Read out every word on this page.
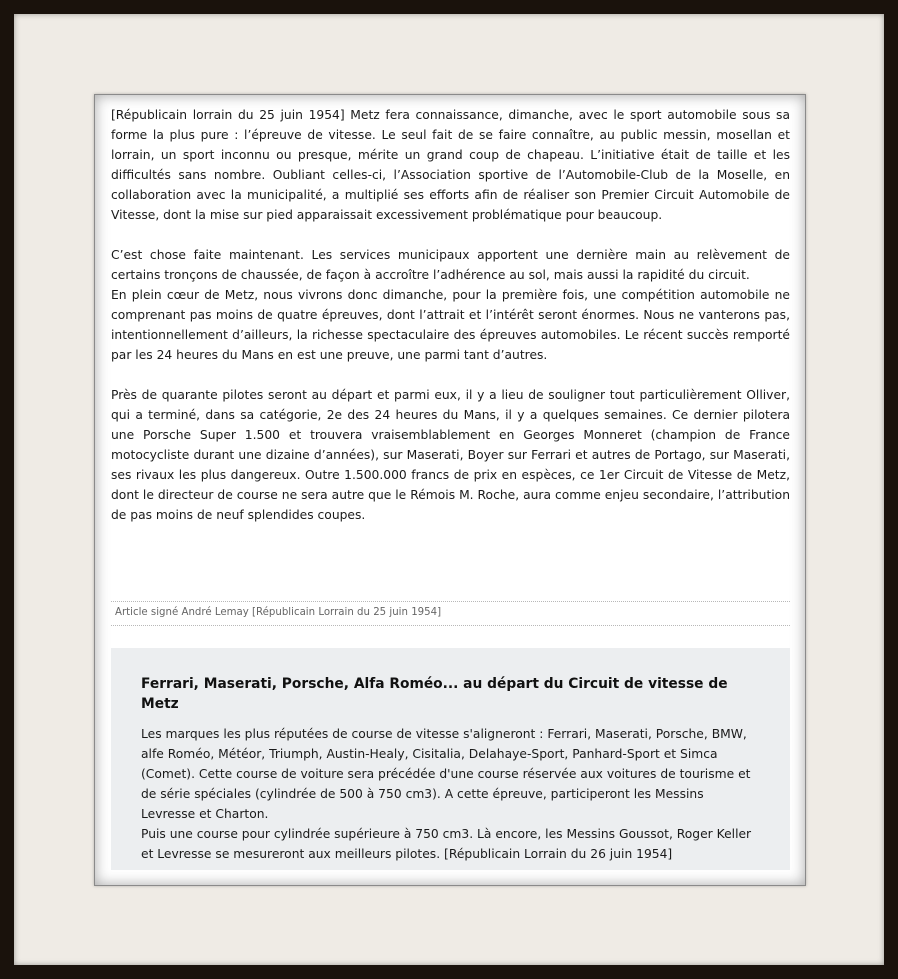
[Républicain lorrain du 25 juin 1954] Metz fera connaissance, dimanche, avec le sport automobile sous sa forme la plus pure : l’épreuve de vitesse. Le seul fait de se faire connaître, au public messin, mosellan et lorrain, un sport inconnu ou presque, mérite un grand coup de chapeau. L’initiative était de taille et les difficultés sans nombre. Oubliant celles-ci, l’Association sportive de l’Automobile-Club de la Moselle, en collaboration avec la municipalité, a multiplié ses efforts afin de réaliser son Premier Circuit Automobile de Vitesse, dont la mise sur pied apparaissait excessivement problématique pour beaucoup.

C’est chose faite maintenant. Les services municipaux apportent une dernière main au relèvement de certains tronçons de chaussée, de façon à accroître l’adhérence au sol, mais aussi la rapidité du circuit.

En plein cœur de Metz, nous vivrons donc dimanche, pour la première fois, une compétition automobile ne comprenant pas moins de quatre épreuves, dont l’attrait et l’intérêt seront énormes. Nous ne vanterons pas, intentionnellement d’ailleurs, la richesse spectaculaire des épreuves automobiles. Le récent succès remporté par les 24 heures du Mans en est une preuve, une parmi tant d’autres.

Près de quarante pilotes seront au départ et parmi eux, il y a lieu de souligner tout particulièrement Olliver, qui a terminé, dans sa catégorie, 2e des 24 heures du Mans, il y a quelques semaines. Ce dernier pilotera une Porsche Super 1.500 et trouvera vraisemblablement en Georges Monneret (champion de France motocycliste durant une dizaine d’années), sur Maserati, Boyer sur Ferrari et autres de Portago, sur Maserati, ses rivaux les plus dangereux. Outre 1.500.000 francs de prix en espèces, ce 1er Circuit de Vitesse de Metz, dont le directeur de course ne sera autre que le Rémois M. Roche, aura comme enjeu secondaire, l’attribution de pas moins de neuf splendides coupes.

Article signé André Lemay [Républicain Lorrain du 25 juin 1954]
Ferrari, Maserati, Porsche, Alfa Roméo... au départ du Circuit de vitesse de Metz

Les marques les plus réputées de course de vitesse s'aligneront : Ferrari, Maserati, Porsche, BMW, alfe Roméo, Météor, Triumph, Austin-Healy, Cisitalia, Delahaye-Sport, Panhard-Sport et Simca (Comet). Cette course de voiture sera précédée d'une course réservée aux voitures de tourisme et de série spéciales (cylindrée de 500 à 750 cm3). A cette épreuve, participeront les Messins Levresse et Charton.

Puis une course pour cylindrée supérieure à 750 cm3. Là encore, les Messins Goussot, Roger Keller et Levresse se mesureront aux meilleurs pilotes. [Républicain Lorrain du 26 juin 1954]
